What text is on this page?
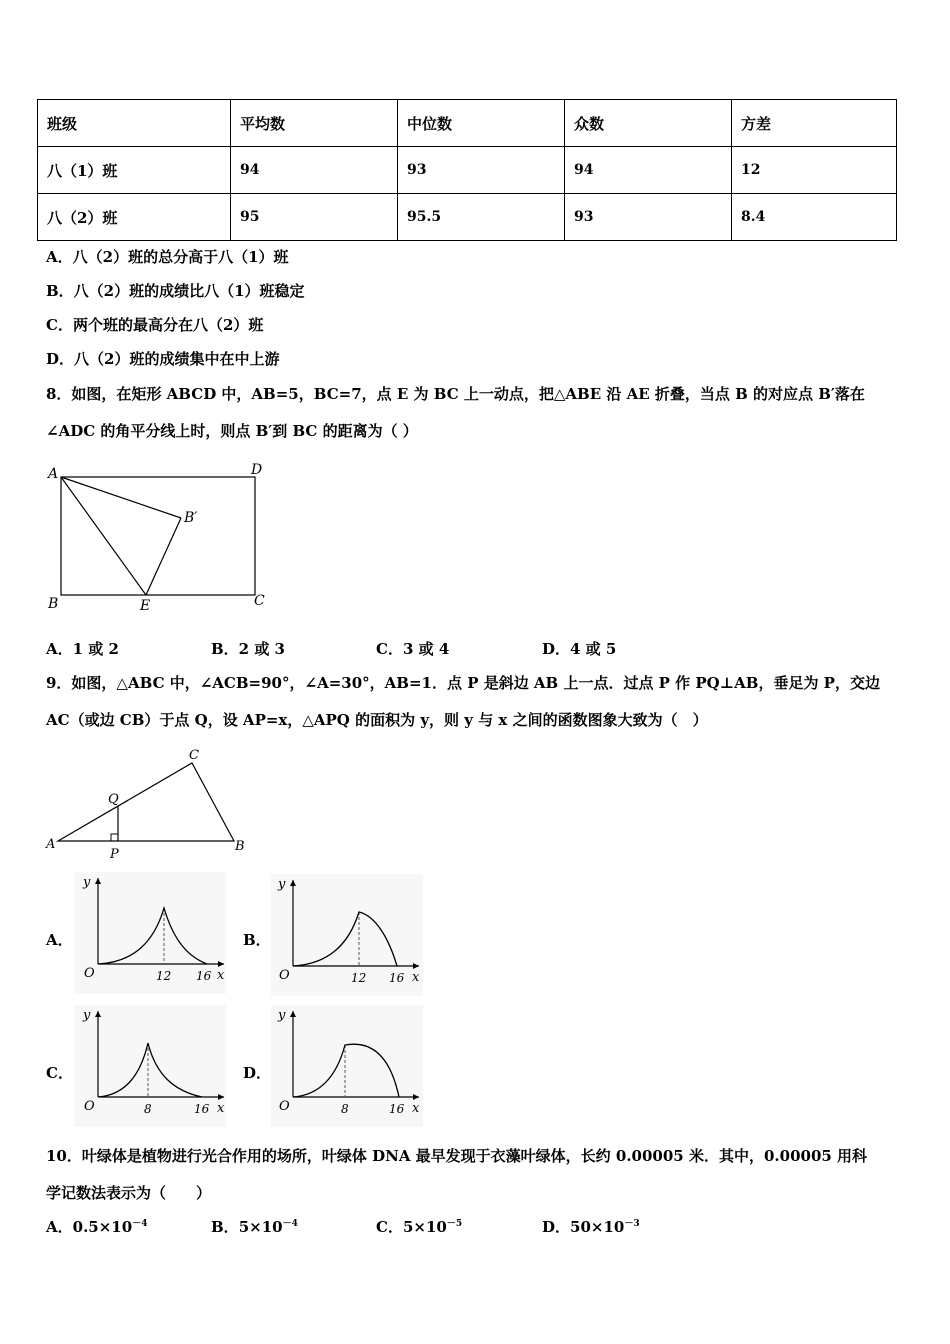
班级	平均数	中位数	众数	方差
八（1）班	94	93	94	12
八（2）班	95	95.5	93	8.4
A．八（2）班的总分高于八（1）班
B．八（2）班的成绩比八（1）班稳定
C．两个班的最高分在八（2）班
D．八（2）班的成绩集中在中上游
8．如图，在矩形 ABCD 中，AB=5，BC=7，点 E 为 BC 上一动点，把△ABE 沿 AE 折叠，当点 B 的对应点 B′落在
∠ADC 的角平分线上时，则点 B′到 BC 的距离为（ ）
A	D
B′
B	E	C
A．1 或 2	B．2 或 3	C．3 或 4	D．4 或 5
9．如图，△ABC 中，∠ACB=90°，∠A=30°，AB=1．点 P 是斜边 AB 上一点．过点 P 作 PQ⊥AB，垂足为 P，交边
AC（或边 CB）于点 Q，设 AP=x，△APQ 的面积为 y，则 y 与 x 之间的函数图象大致为（　）
A	B
C
P
Q
A．	B．
C．	D．
y
x
O	12 16
y
x
O	12 16
y
x
O	8	16
y
x
O	8	16
10．叶绿体是植物进行光合作用的场所，叶绿体 DNA 最早发现于衣藻叶绿体，长约 0.00005 米．其中，0.00005 用科
学记数法表示为（　　）
A．$0.5\times 10^{-4}$	B．$5\times 10^{-4}$	C．$5\times 10^{-5}$	D．$50\times 10^{-3}$
